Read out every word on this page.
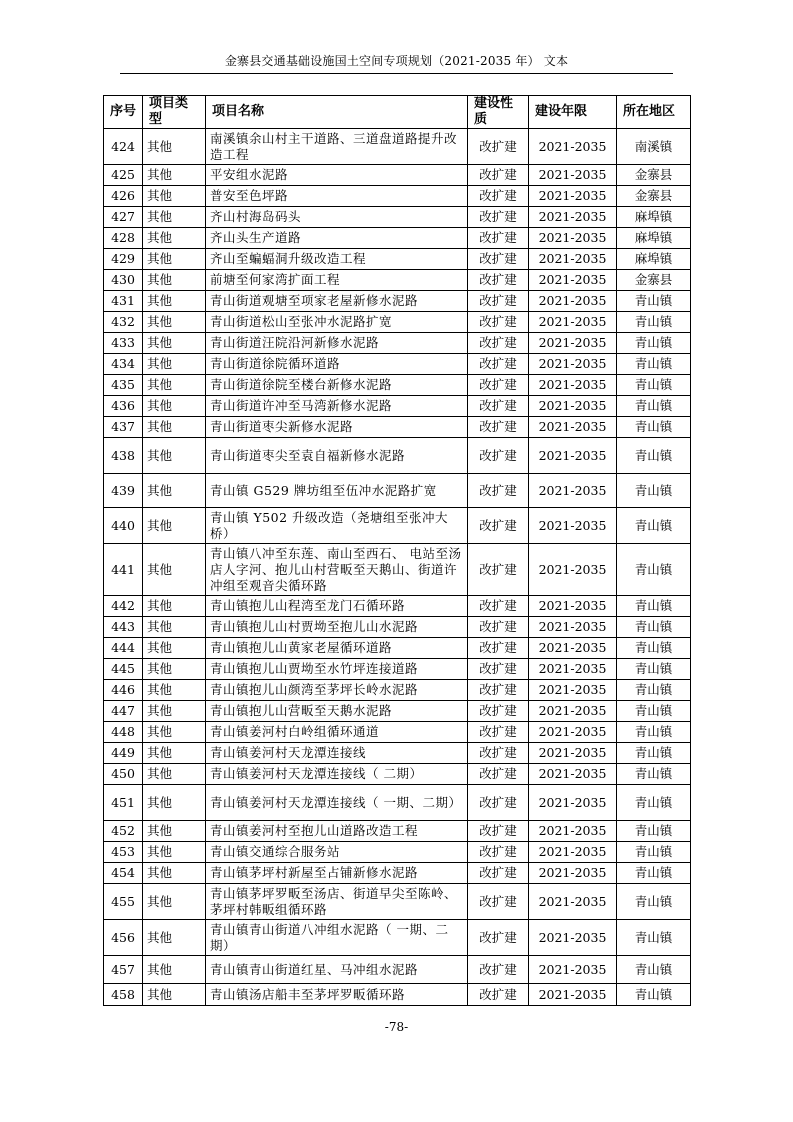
金寨县交通基础设施国土空间专项规划（2021-2035 年） 文本
序号	项目类型	项目名称	建设性质	建设年限	所在地区
424	其他	南溪镇余山村主干道路、三道盘道路提升改造工程	改扩建	2021-2035	南溪镇
425	其他	平安组水泥路	改扩建	2021-2035	金寨县
426	其他	普安至色坪路	改扩建	2021-2035	金寨县
427	其他	齐山村海岛码头	改扩建	2021-2035	麻埠镇
428	其他	齐山头生产道路	改扩建	2021-2035	麻埠镇
429	其他	齐山至蝙蝠洞升级改造工程	改扩建	2021-2035	麻埠镇
430	其他	前塘至何家湾扩面工程	改扩建	2021-2035	金寨县
431	其他	青山街道观塘至项家老屋新修水泥路	改扩建	2021-2035	青山镇
432	其他	青山街道松山至张冲水泥路扩宽	改扩建	2021-2035	青山镇
433	其他	青山街道汪院沿河新修水泥路	改扩建	2021-2035	青山镇
434	其他	青山街道徐院循环道路	改扩建	2021-2035	青山镇
435	其他	青山街道徐院至楼台新修水泥路	改扩建	2021-2035	青山镇
436	其他	青山街道许冲至马湾新修水泥路	改扩建	2021-2035	青山镇
437	其他	青山街道枣尖新修水泥路	改扩建	2021-2035	青山镇
438	其他	青山街道枣尖至袁自福新修水泥路	改扩建	2021-2035	青山镇
439	其他	青山镇 G529 牌坊组至伍冲水泥路扩宽	改扩建	2021-2035	青山镇
440	其他	青山镇 Y502 升级改造（尧塘组至张冲大桥）	改扩建	2021-2035	青山镇
441	其他	青山镇八冲至东莲、南山至西石、 电站至汤店人字河、抱儿山村营畈至天鹅山、街道许冲组至观音尖循环路	改扩建	2021-2035	青山镇
442	其他	青山镇抱儿山程湾至龙门石循环路	改扩建	2021-2035	青山镇
443	其他	青山镇抱儿山村贾坳至抱儿山水泥路	改扩建	2021-2035	青山镇
444	其他	青山镇抱儿山黄家老屋循环道路	改扩建	2021-2035	青山镇
445	其他	青山镇抱儿山贾坳至水竹坪连接道路	改扩建	2021-2035	青山镇
446	其他	青山镇抱儿山颜湾至茅坪长岭水泥路	改扩建	2021-2035	青山镇
447	其他	青山镇抱儿山营畈至天鹅水泥路	改扩建	2021-2035	青山镇
448	其他	青山镇姜河村白岭组循环通道	改扩建	2021-2035	青山镇
449	其他	青山镇姜河村天龙潭连接线	改扩建	2021-2035	青山镇
450	其他	青山镇姜河村天龙潭连接线（ 二期）	改扩建	2021-2035	青山镇
451	其他	青山镇姜河村天龙潭连接线（ 一期、二期）	改扩建	2021-2035	青山镇
452	其他	青山镇姜河村至抱儿山道路改造工程	改扩建	2021-2035	青山镇
453	其他	青山镇交通综合服务站	改扩建	2021-2035	青山镇
454	其他	青山镇茅坪村新屋至占铺新修水泥路	改扩建	2021-2035	青山镇
455	其他	青山镇茅坪罗畈至汤店、街道早尖至陈岭、茅坪村韩畈组循环路	改扩建	2021-2035	青山镇
456	其他	青山镇青山街道八冲组水泥路（ 一期、二期）	改扩建	2021-2035	青山镇
457	其他	青山镇青山街道红星、马冲组水泥路	改扩建	2021-2035	青山镇
458	其他	青山镇汤店船丰至茅坪罗畈循环路	改扩建	2021-2035	青山镇
-78-
